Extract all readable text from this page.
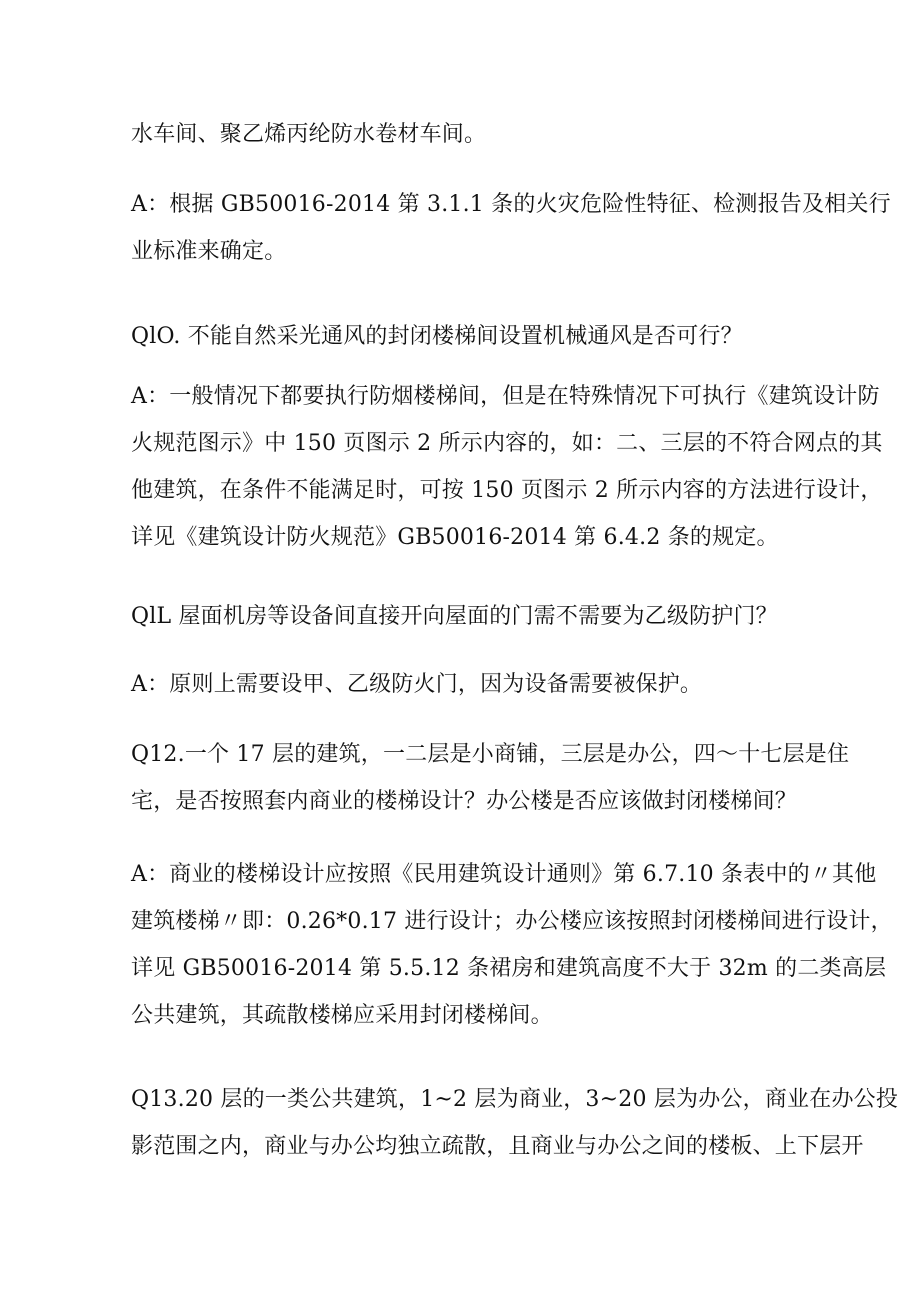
水车间、聚乙烯丙纶防水卷材车间。

A：根据 GB50016-2014 第 3.1.1 条的火灾危险性特征、检测报告及相关行
业标准来确定。

QlO. 不能自然采光通风的封闭楼梯间设置机械通风是否可行？

A：一般情况下都要执行防烟楼梯间，但是在特殊情况下可执行《建筑设计防
火规范图示》中 150 页图示 2 所示内容的，如：二、三层的不符合网点的其
他建筑，在条件不能满足时，可按 150 页图示 2 所示内容的方法进行设计，
详见《建筑设计防火规范》GB50016-2014 第 6.4.2 条的规定。

QlL 屋面机房等设备间直接开向屋面的门需不需要为乙级防护门？

A：原则上需要设甲、乙级防火门，因为设备需要被保护。

Q12.一个 17 层的建筑，一二层是小商铺，三层是办公，四～十七层是住
宅，是否按照套内商业的楼梯设计？办公楼是否应该做封闭楼梯间？

A：商业的楼梯设计应按照《民用建筑设计通则》第 6.7.10 条表中的〃其他
建筑楼梯〃即：0.26*0.17 进行设计；办公楼应该按照封闭楼梯间进行设计，
详见 GB50016-2014 第 5.5.12 条裙房和建筑高度不大于 32m 的二类高层
公共建筑，其疏散楼梯应采用封闭楼梯间。

Q13.20 层的一类公共建筑，1~2 层为商业，3~20 层为办公，商业在办公投
影范围之内，商业与办公均独立疏散，且商业与办公之间的楼板、上下层开
